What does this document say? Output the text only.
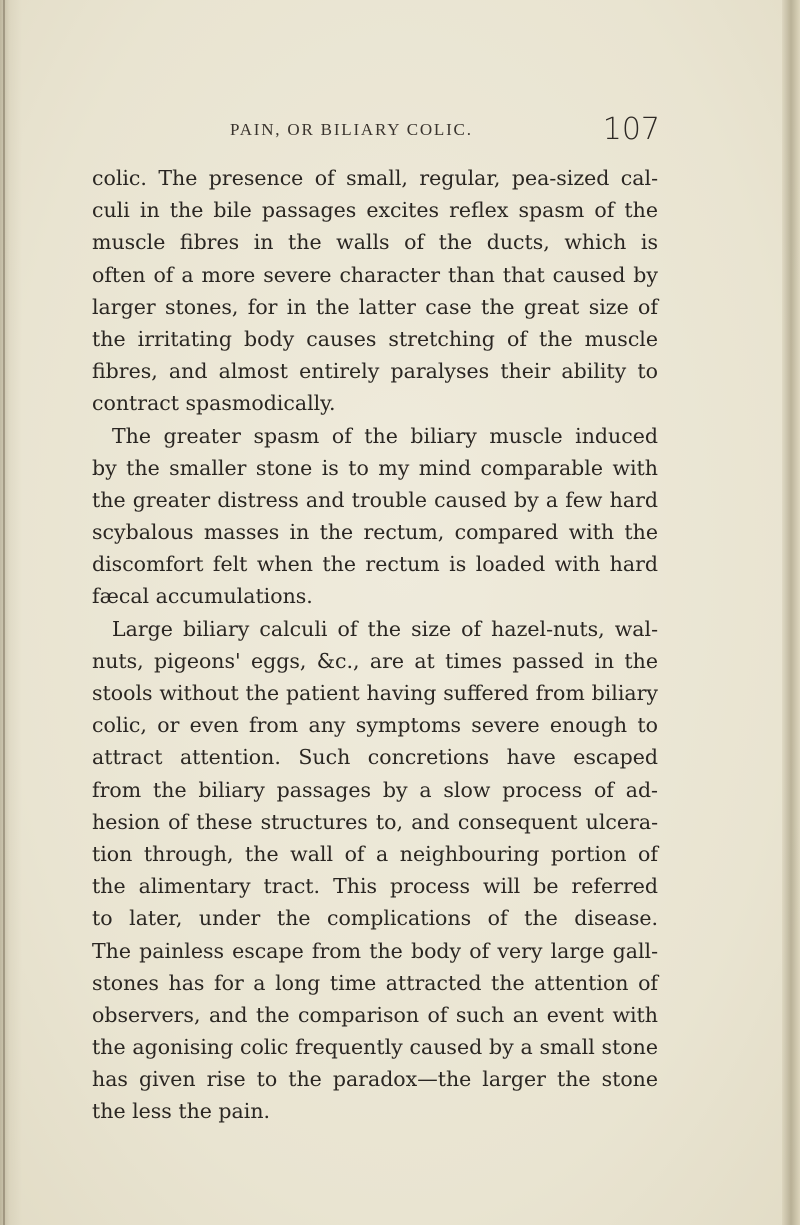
PAIN, OR BILIARY COLIC.	107
colic. The presence of small, regular, pea-sized cal-
culi in the bile passages excites reflex spasm of the
muscle fibres in the walls of the ducts, which is
often of a more severe character than that caused by
larger stones, for in the latter case the great size of
the irritating body causes stretching of the muscle
fibres, and almost entirely paralyses their ability to
contract spasmodically.
The greater spasm of the biliary muscle induced
by the smaller stone is to my mind comparable with
the greater distress and trouble caused by a few hard
scybalous masses in the rectum, compared with the
discomfort felt when the rectum is loaded with hard
fæcal accumulations.
Large biliary calculi of the size of hazel-nuts, wal-
nuts, pigeons' eggs, &c., are at times passed in the
stools without the patient having suffered from biliary
colic, or even from any symptoms severe enough to
attract attention. Such concretions have escaped
from the biliary passages by a slow process of ad-
hesion of these structures to, and consequent ulcera-
tion through, the wall of a neighbouring portion of
the alimentary tract. This process will be referred
to later, under the complications of the disease.
The painless escape from the body of very large gall-
stones has for a long time attracted the attention of
observers, and the comparison of such an event with
the agonising colic frequently caused by a small stone
has given rise to the paradox—the larger the stone
the less the pain.
